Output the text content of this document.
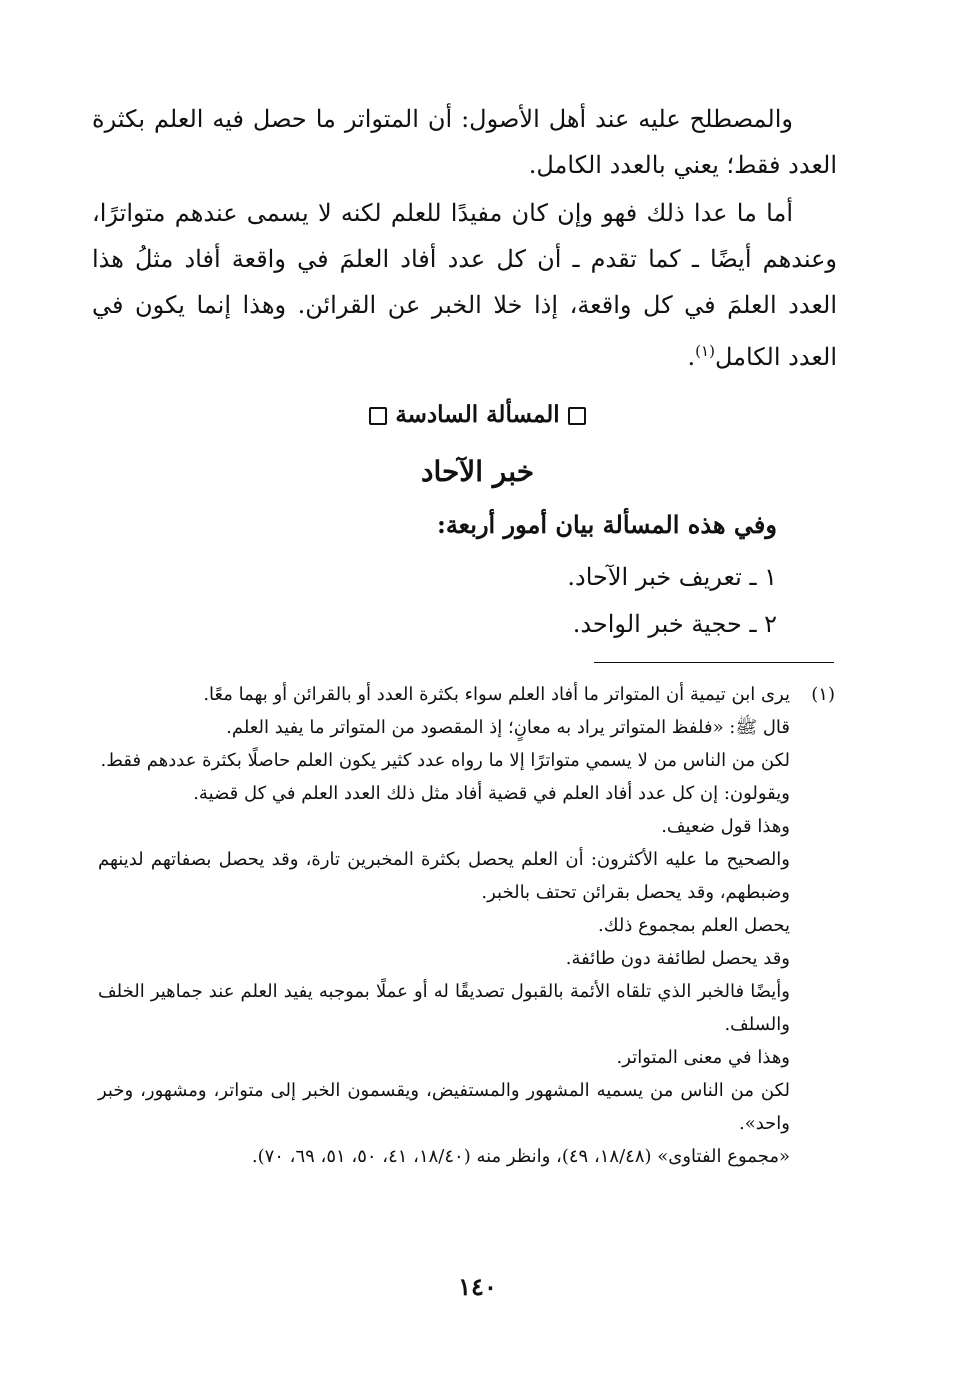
والمصطلح عليه عند أهل الأصول: أن المتواتر ما حصل فيه العلم بكثرة العدد فقط؛ يعني بالعدد الكامل.

أما ما عدا ذلك فهو وإن كان مفيدًا للعلم لكنه لا يسمى عندهم متواترًا، وعندهم أيضًا ـ كما تقدم ـ أن كل عدد أفاد العلمَ في واقعة أفاد مثلُ هذا العدد العلمَ في كل واقعة، إذا خلا الخبر عن القرائن. وهذا إنما يكون في العدد الكامل$^{(١)}$.

المسألة السادسة
خبر الآحاد
وفي هذه المسألة بيان أمور أربعة:
١ ـ تعريف خبر الآحاد.
٢ ـ حجية خبر الواحد.
(١)

يرى ابن تيمية أن المتواتر ما أفاد العلم سواء بكثرة العدد أو بالقرائن أو بهما معًا.

قال ﷺ: «فلفظ المتواتر يراد به معانٍ؛ إذ المقصود من المتواتر ما يفيد العلم.

لكن من الناس من لا يسمي متواترًا إلا ما رواه عدد كثير يكون العلم حاصلًا بكثرة عددهم فقط.

ويقولون: إن كل عدد أفاد العلم في قضية أفاد مثل ذلك العدد العلم في كل قضية.

وهذا قول ضعيف.

والصحيح ما عليه الأكثرون: أن العلم يحصل بكثرة المخبرين تارة، وقد يحصل بصفاتهم لدينهم وضبطهم، وقد يحصل بقرائن تحتف بالخبر.

يحصل العلم بمجموع ذلك.

وقد يحصل لطائفة دون طائفة.

وأيضًا فالخبر الذي تلقاه الأئمة بالقبول تصديقًا له أو عملًا بموجبه يفيد العلم عند جماهير الخلف والسلف.

وهذا في معنى المتواتر.

لكن من الناس من يسميه المشهور والمستفيض، ويقسمون الخبر إلى متواتر، ومشهور، وخبر واحد».

«مجموع الفتاوى» (١٨/٤٨، ٤٩)، وانظر منه (١٨/٤٠، ٤١، ٥٠، ٥١، ٦٩، ٧٠).

١٤٠
